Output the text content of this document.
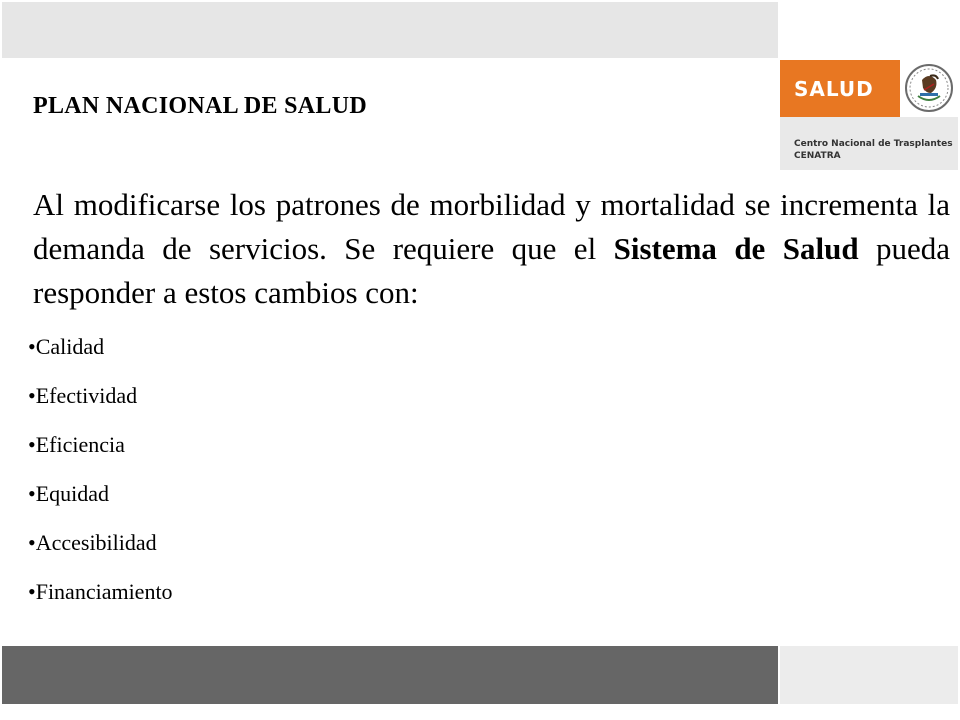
SALUD
Centro Nacional de Trasplantes
CENATRA
PLAN NACIONAL DE SALUD

Al modificarse los patrones de morbilidad y mortalidad se incrementa la demanda de servicios. Se requiere que el Sistema de Salud pueda responder a estos cambios con:

•Calidad
•Efectividad
•Eficiencia
•Equidad
•Accesibilidad
•Financiamiento
